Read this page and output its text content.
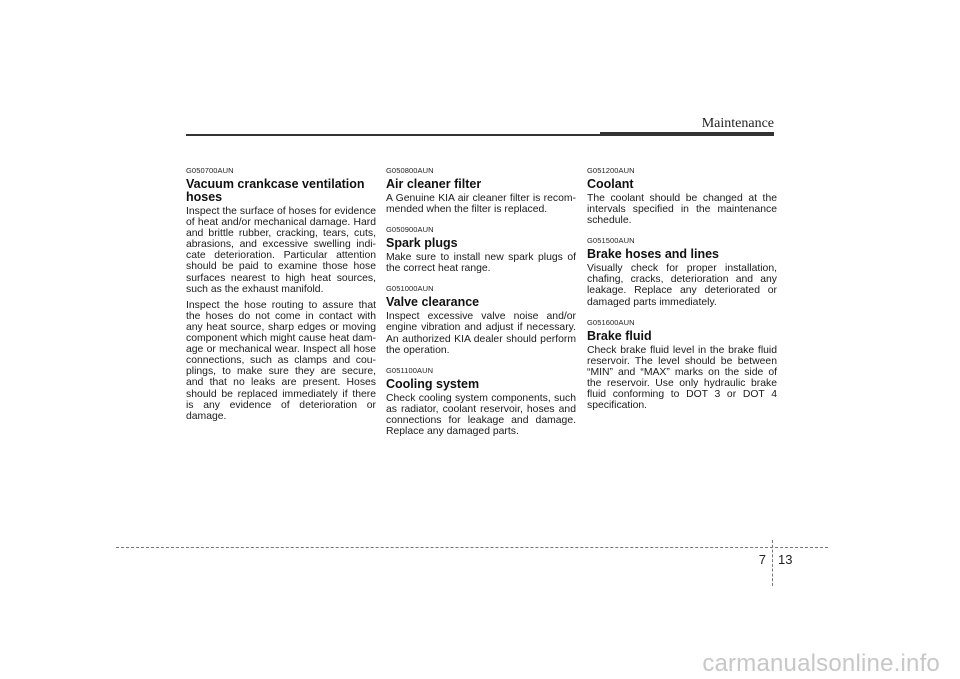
Maintenance
G050700AUN
Vacuum crankcase ventilation hoses

Inspect the surface of hoses for evidence of heat and/or mechanical damage. Hard and brittle rubber, cracking, tears, cuts, abrasions, and excessive swelling indi-cate deterioration. Particular attention should be paid to examine those hose surfaces nearest to high heat sources, such as the exhaust manifold.

Inspect the hose routing to assure that the hoses do not come in contact with any heat source, sharp edges or moving component which might cause heat dam-age or mechanical wear. Inspect all hose connections, such as clamps and cou-plings, to make sure they are secure, and that no leaks are present. Hoses should be replaced immediately if there is any evidence of deterioration or damage.

G050800AUN
Air cleaner filter

A Genuine KIA air cleaner filter is recom-mended when the filter is replaced.

G050900AUN
Spark plugs

Make sure to install new spark plugs of the correct heat range.

G051000AUN
Valve clearance

Inspect excessive valve noise and/or engine vibration and adjust if necessary. An authorized KIA dealer should perform the operation.

G051100AUN
Cooling system

Check cooling system components, such as radiator, coolant reservoir, hoses and connections for leakage and damage. Replace any damaged parts.

G051200AUN
Coolant

The coolant should be changed at the intervals specified in the maintenance schedule.

G051500AUN
Brake hoses and lines

Visually check for proper installation, chafing, cracks, deterioration and any leakage. Replace any deteriorated or damaged parts immediately.

G051600AUN
Brake fluid

Check brake fluid level in the brake fluid reservoir. The level should be between “MIN” and “MAX” marks on the side of the reservoir. Use only hydraulic brake fluid conforming to DOT 3 or DOT 4 specification.

7 13
carmanualsonline.info
